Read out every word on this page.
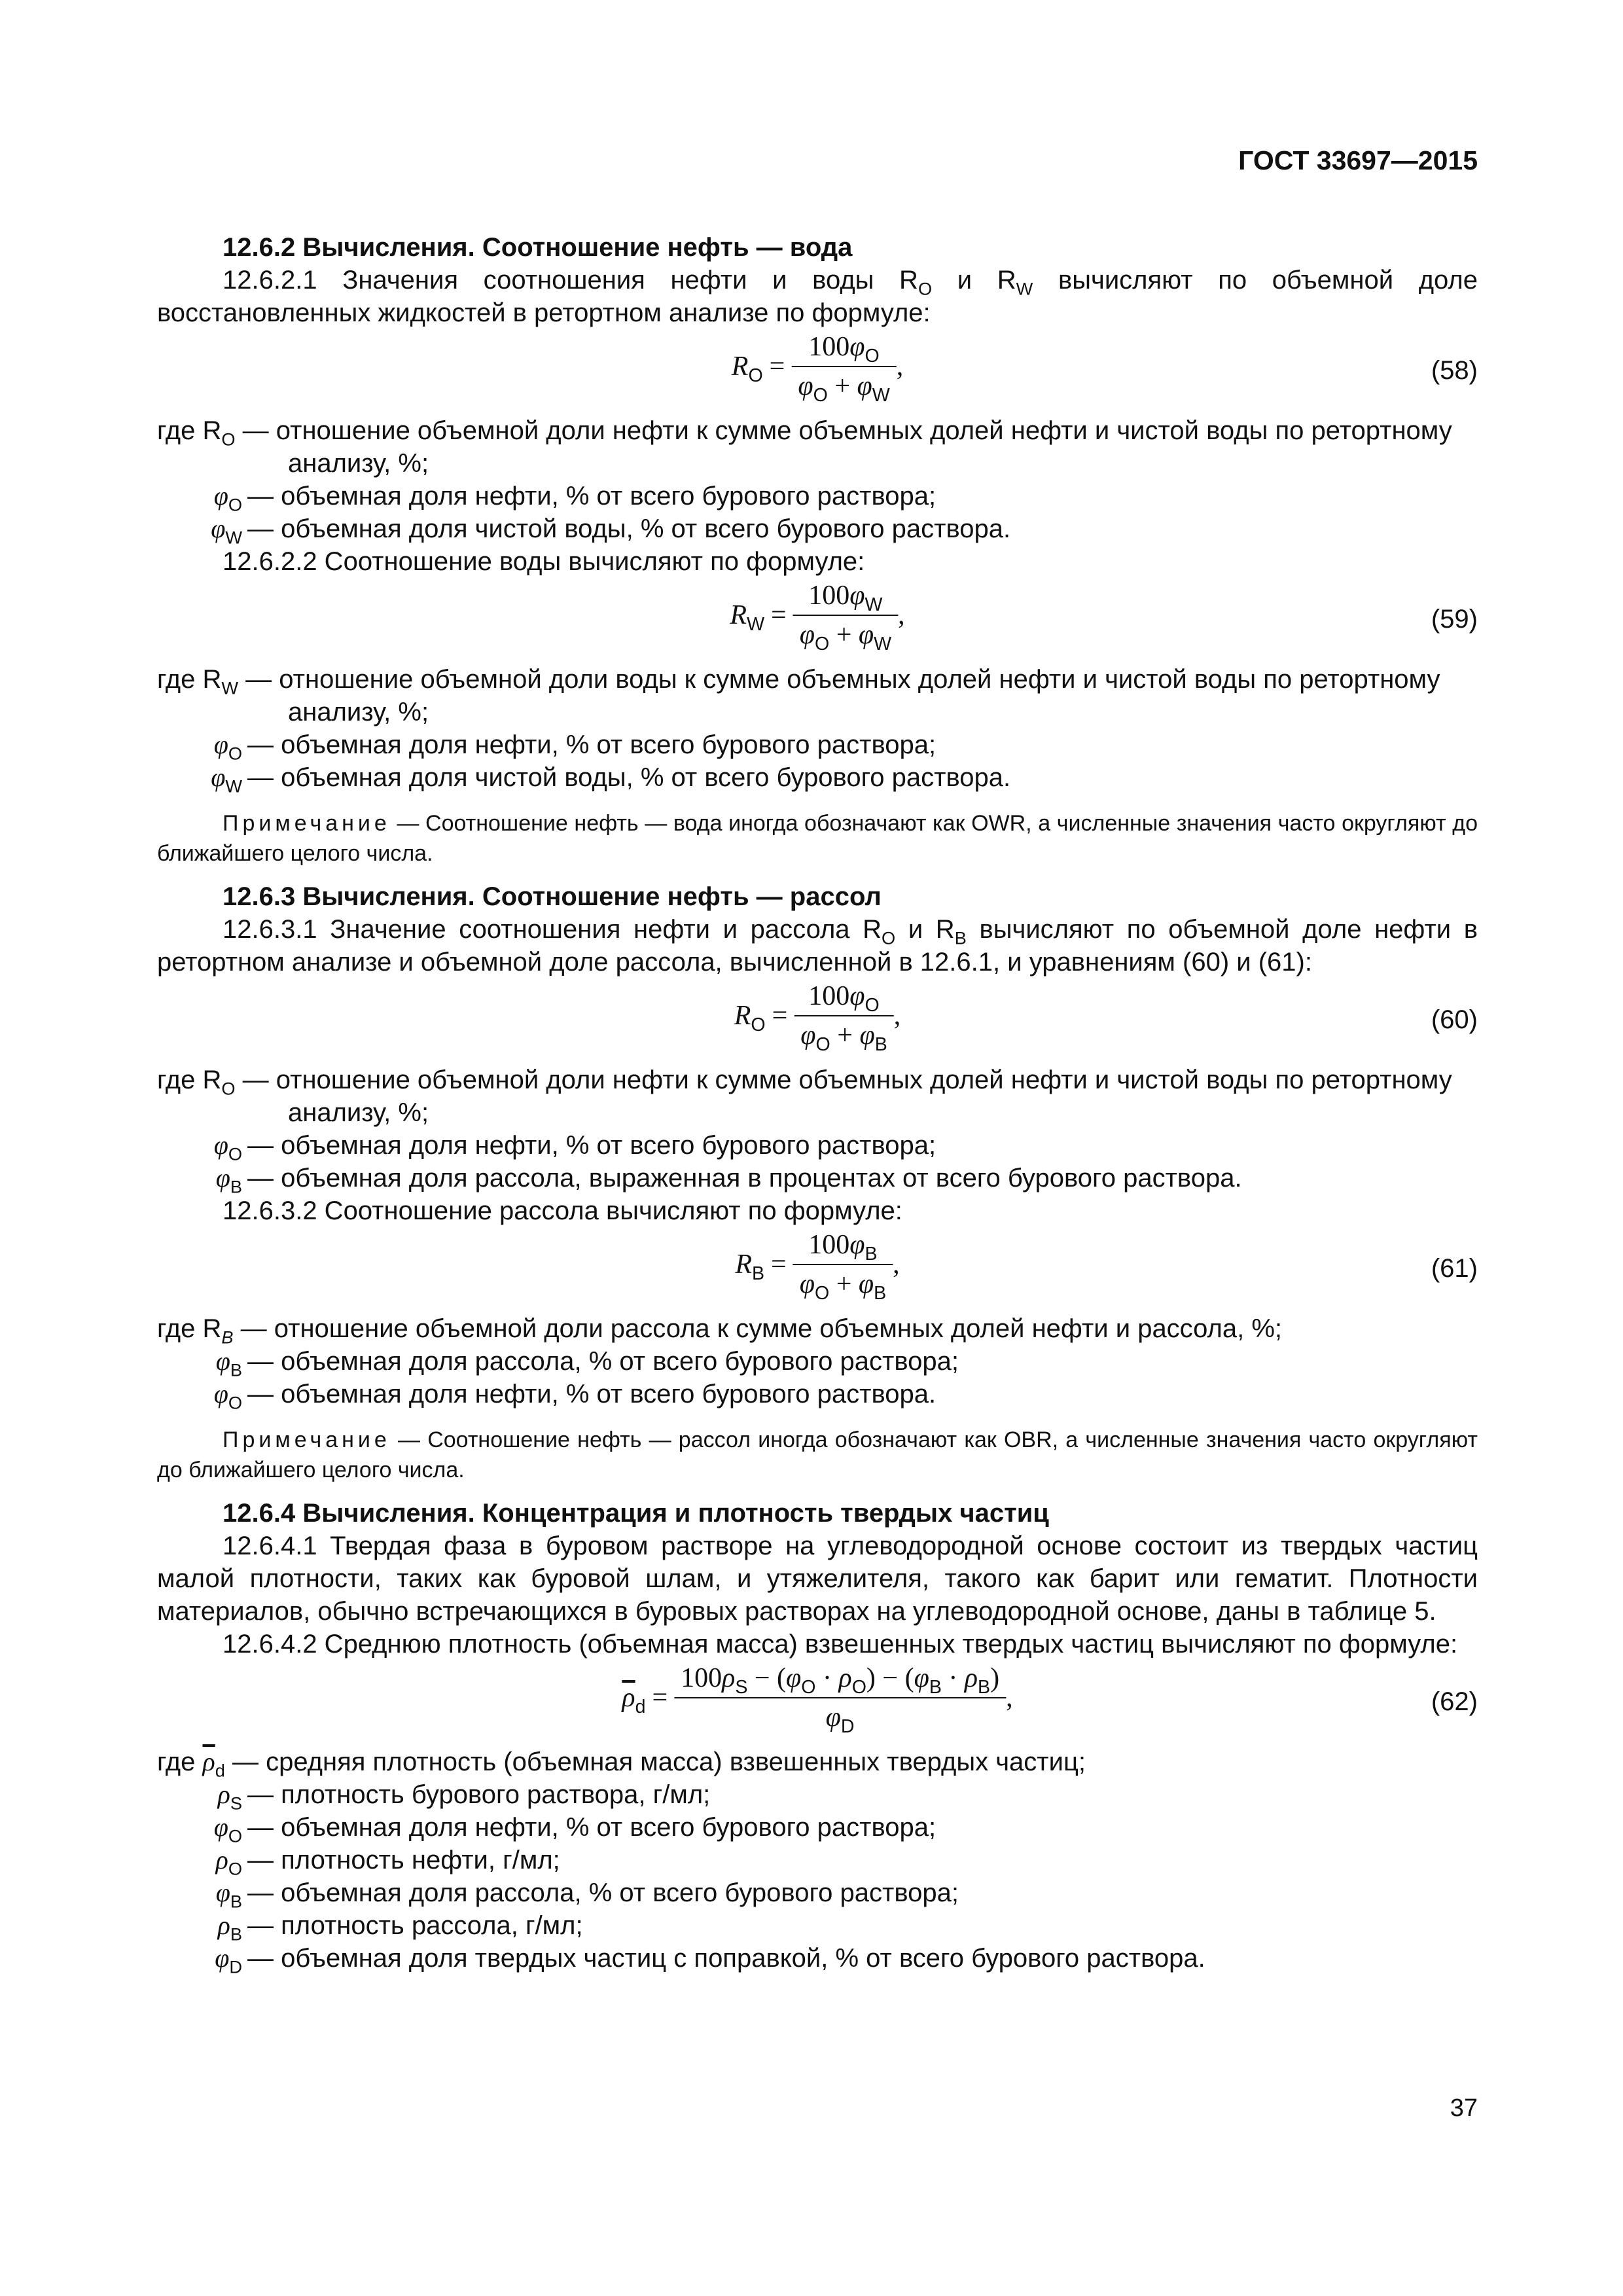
ГОСТ 33697—2015
12.6.2 Вычисления. Соотношение нефть — вода
12.6.2.1 Значения соотношения нефти и воды $R_O$ и $R_W$ вычисляют по объемной доле восстановленных жидкостей в ретортном анализе по формуле:
$R_O = \frac{100\varphi_O}{\varphi_O + \varphi_W}$ ,	(58)
где $R_O$ — отношение объемной доли нефти к сумме объемных долей нефти и чистой воды по ретортному анализу, %;
$\varphi_O$ — объемная доля нефти, % от всего бурового раствора;
$\varphi_W$ — объемная доля чистой воды, % от всего бурового раствора.
12.6.2.2 Соотношение воды вычисляют по формуле:
$R_W = \frac{100\varphi_W}{\varphi_O + \varphi_W}$ ,	(59)
где $R_W$ — отношение объемной доли воды к сумме объемных долей нефти и чистой воды по ретортному анализу, %;
$\varphi_O$ — объемная доля нефти, % от всего бурового раствора;
$\varphi_W$ — объемная доля чистой воды, % от всего бурового раствора.
Примечание — Соотношение нефть — вода иногда обозначают как OWR, а численные значения часто округляют до ближайшего целого числа.
12.6.3 Вычисления. Соотношение нефть — рассол
12.6.3.1 Значение соотношения нефти и рассола $R_O$ и $R_B$ вычисляют по объемной доле нефти в ретортном анализе и объемной доле рассола, вычисленной в 12.6.1, и уравнениям (60) и (61):
$R_O = \frac{100\varphi_O}{\varphi_O + \varphi_B}$ ,	(60)
где $R_O$ — отношение объемной доли нефти к сумме объемных долей нефти и чистой воды по ретортному анализу, %;
$\varphi_O$ — объемная доля нефти, % от всего бурового раствора;
$\varphi_B$ — объемная доля рассола, выраженная в процентах от всего бурового раствора.
12.6.3.2 Соотношение рассола вычисляют по формуле:
$R_B = \frac{100\varphi_B}{\varphi_O + \varphi_B}$ ,	(61)
где $R_B$ — отношение объемной доли рассола к сумме объемных долей нефти и рассола, %;
$\varphi_B$ — объемная доля рассола, % от всего бурового раствора;
$\varphi_O$ — объемная доля нефти, % от всего бурового раствора.
Примечание — Соотношение нефть — рассол иногда обозначают как OBR, а численные значения часто округляют до ближайшего целого числа.
12.6.4 Вычисления. Концентрация и плотность твердых частиц
12.6.4.1 Твердая фаза в буровом растворе на углеводородной основе состоит из твердых частиц малой плотности, таких как буровой шлам, и утяжелителя, такого как барит или гематит. Плотности материалов, обычно встречающихся в буровых растворах на углеводородной основе, даны в таблице 5.
12.6.4.2 Среднюю плотность (объемная масса) взвешенных твердых частиц вычисляют по формуле:
$\overline{\rho}_d = \frac{100\rho_S - (\varphi_O \cdot \rho_O) - (\varphi_B \cdot \rho_B)}{\varphi_D}$ ,	(62)
где $\overline{\rho}_d$ — средняя плотность (объемная масса) взвешенных твердых частиц;
$\rho_S$ — плотность бурового раствора, г/мл;
$\varphi_O$ — объемная доля нефти, % от всего бурового раствора;
$\rho_O$ — плотность нефти, г/мл;
$\varphi_B$ — объемная доля рассола, % от всего бурового раствора;
$\rho_B$ — плотность рассола, г/мл;
$\varphi_D$ — объемная доля твердых частиц с поправкой, % от всего бурового раствора.
37
